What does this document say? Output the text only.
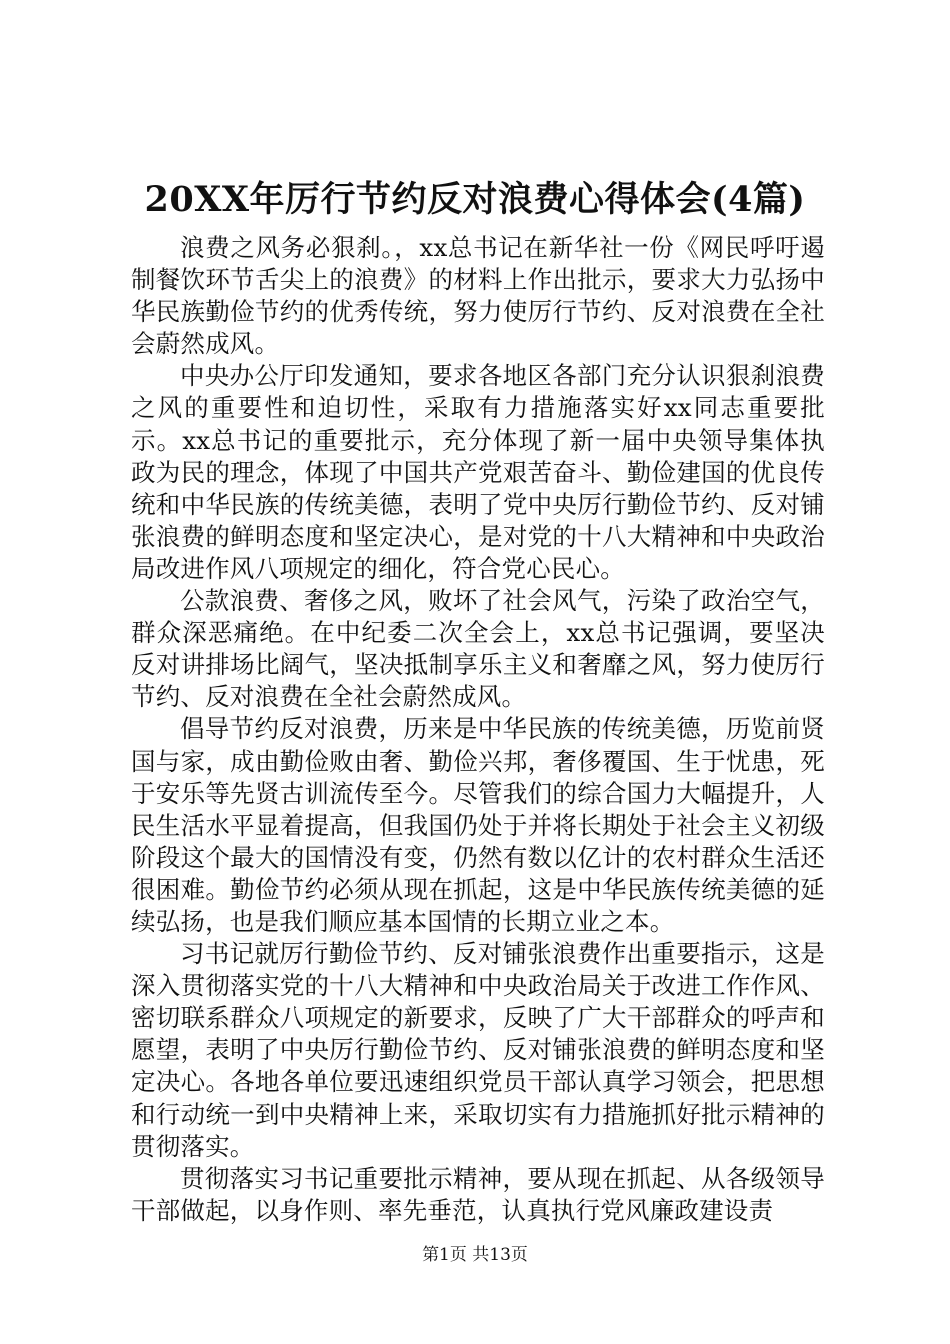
20XX年厉行节约反对浪费心得体会(4篇)

浪费之风务必狠刹。，xx总书记在新华社一份《网民呼吁遏制餐饮环节舌尖上的浪费》的材料上作出批示，要求大力弘扬中华民族勤俭节约的优秀传统，努力使厉行节约、反对浪费在全社会蔚然成风。

中央办公厅印发通知，要求各地区各部门充分认识狠刹浪费之风的重要性和迫切性，采取有力措施落实好xx同志重要批示。xx总书记的重要批示，充分体现了新一届中央领导集体执政为民的理念，体现了中国共产党艰苦奋斗、勤俭建国的优良传统和中华民族的传统美德，表明了党中央厉行勤俭节约、反对铺张浪费的鲜明态度和坚定决心，是对党的十八大精神和中央政治局改进作风八项规定的细化，符合党心民心。

公款浪费、奢侈之风，败坏了社会风气，污染了政治空气，群众深恶痛绝。在中纪委二次全会上，xx总书记强调，要坚决反对讲排场比阔气，坚决抵制享乐主义和奢靡之风，努力使厉行节约、反对浪费在全社会蔚然成风。

倡导节约反对浪费，历来是中华民族的传统美德，历览前贤国与家，成由勤俭败由奢、勤俭兴邦，奢侈覆国、生于忧患，死于安乐等先贤古训流传至今。尽管我们的综合国力大幅提升，人民生活水平显着提高，但我国仍处于并将长期处于社会主义初级阶段这个最大的国情没有变，仍然有数以亿计的农村群众生活还很困难。勤俭节约必须从现在抓起，这是中华民族传统美德的延续弘扬，也是我们顺应基本国情的长期立业之本。

习书记就厉行勤俭节约、反对铺张浪费作出重要指示，这是深入贯彻落实党的十八大精神和中央政治局关于改进工作作风、密切联系群众八项规定的新要求，反映了广大干部群众的呼声和愿望，表明了中央厉行勤俭节约、反对铺张浪费的鲜明态度和坚定决心。各地各单位要迅速组织党员干部认真学习领会，把思想和行动统一到中央精神上来，采取切实有力措施抓好批示精神的贯彻落实。

贯彻落实习书记重要批示精神，要从现在抓起、从各级领导干部做起，以身作则、率先垂范，认真执行党风廉政建设责

第1页 共13页
